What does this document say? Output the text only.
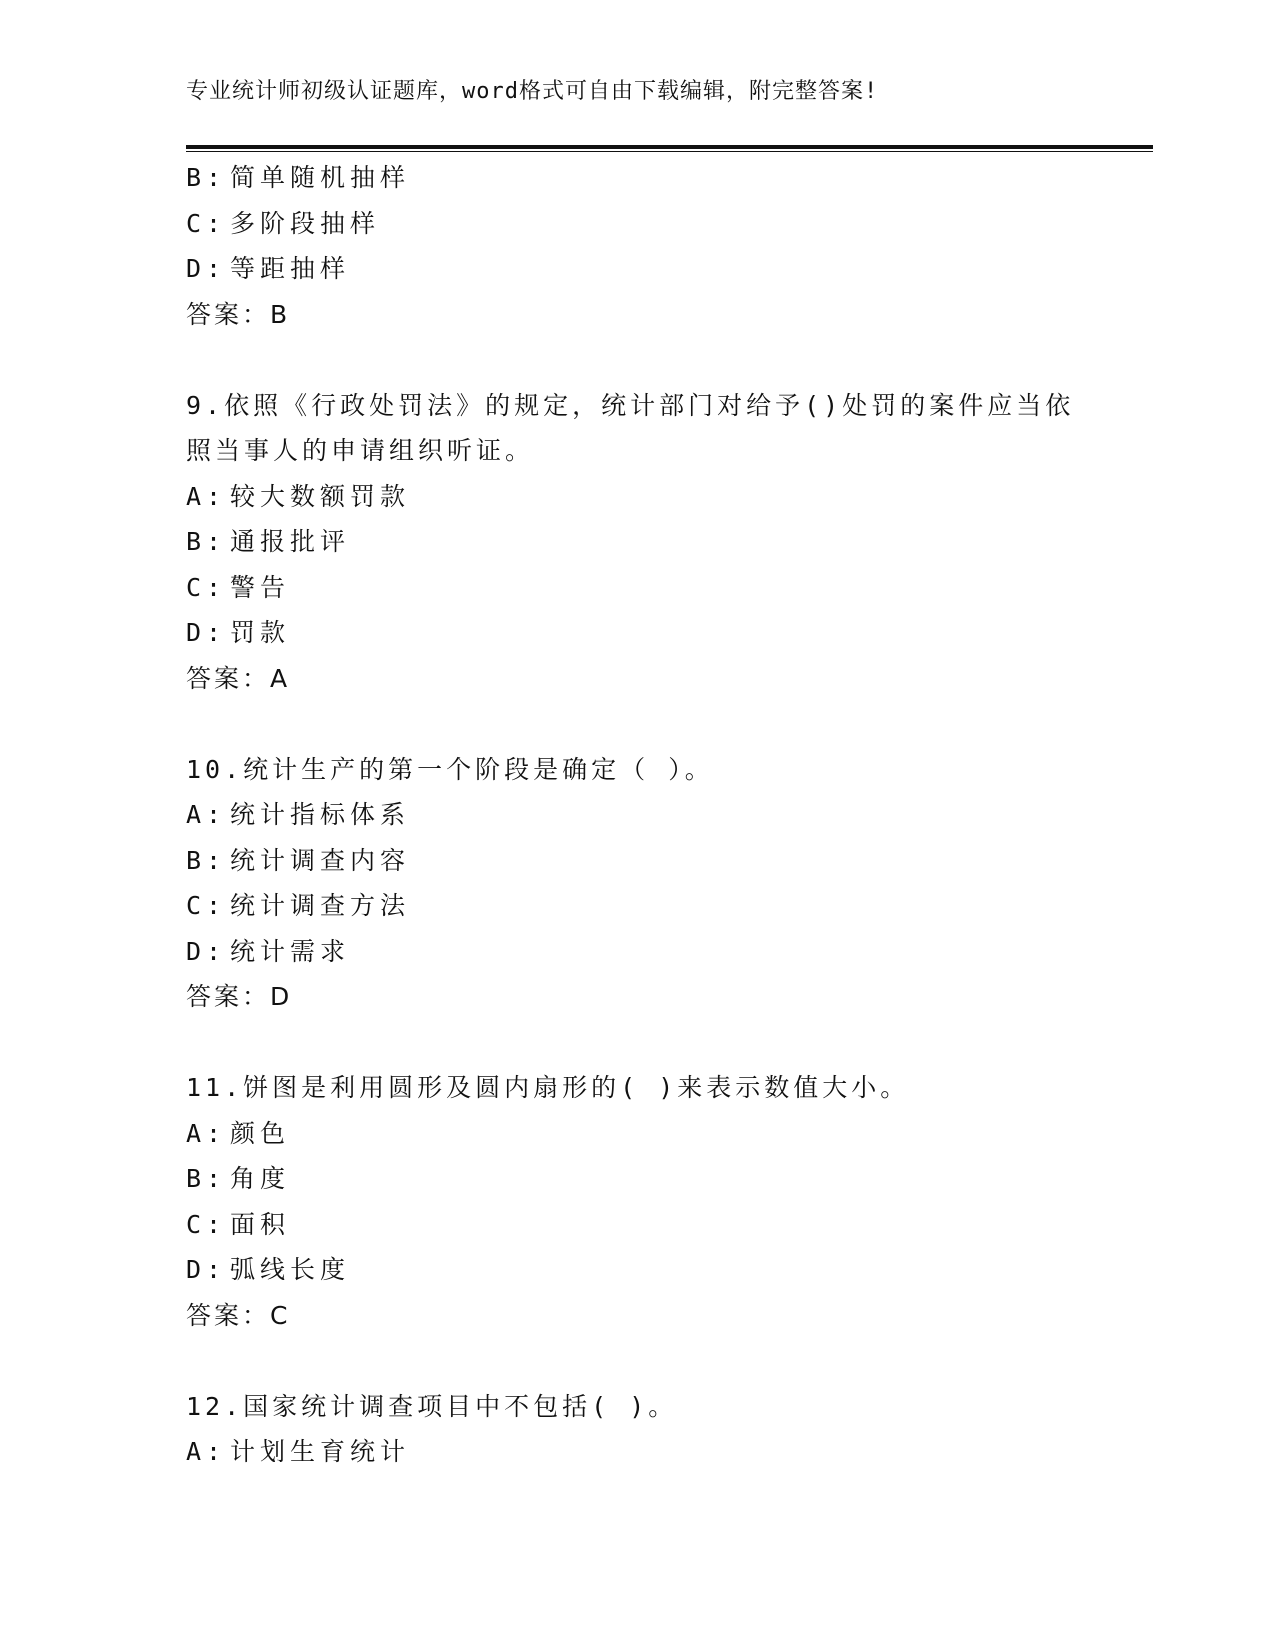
专业统计师初级认证题库，word格式可自由下载编辑，附完整答案!
B: 简单随机抽样
C: 多阶段抽样
D: 等距抽样
答案：B
9.依照《行政处罚法》的规定，统计部门对给予()处罚的案件应当依
照当事人的申请组织听证。
A: 较大数额罚款
B: 通报批评
C: 警告
D: 罚款
答案：A
10.统计生产的第一个阶段是确定（ ）。
A: 统计指标体系
B: 统计调查内容
C: 统计调查方法
D: 统计需求
答案：D
11.饼图是利用圆形及圆内扇形的( )来表示数值大小。
A: 颜色
B: 角度
C: 面积
D: 弧线长度
答案：C
12.国家统计调查项目中不包括( )。
A: 计划生育统计
